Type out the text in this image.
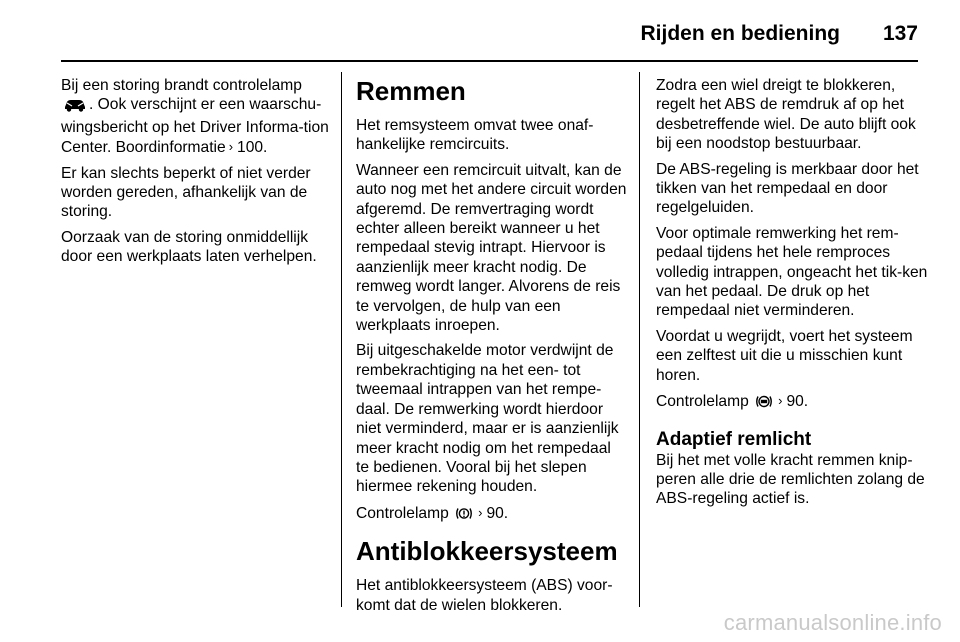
Rijden en bediening 137

Bij een storing brandt controlelamp . Ook verschijnt er een waarschu-wingsbericht op het Driver Informa-tion Center. Boordinformatie › 100.

Er kan slechts beperkt of niet verder worden gereden, afhankelijk van de storing.

Oorzaak van de storing onmiddellijk door een werkplaats laten verhelpen.

Remmen

Het remsysteem omvat twee onaf-hankelijke remcircuits.

Wanneer een remcircuit uitvalt, kan de auto nog met het andere circuit worden afgeremd. De remvertraging wordt echter alleen bereikt wanneer u het rempedaal stevig intrapt. Hiervoor is aanzienlijk meer kracht nodig. De remweg wordt langer. Alvorens de reis te vervolgen, de hulp van een werkplaats inroepen.

Bij uitgeschakelde motor verdwijnt de rembekrachtiging na het een- tot tweemaal intrappen van het rempe-daal. De remwerking wordt hierdoor niet verminderd, maar er is aanzienlijk meer kracht nodig om het rempedaal te bedienen. Vooral bij het slepen hiermee rekening houden.

Controlelamp › 90.

Antiblokkeersysteem

Het antiblokkeersysteem (ABS) voor-komt dat de wielen blokkeren.

Zodra een wiel dreigt te blokkeren, regelt het ABS de remdruk af op het desbetreffende wiel. De auto blijft ook bij een noodstop bestuurbaar.

De ABS-regeling is merkbaar door het tikken van het rempedaal en door regelgeluiden.

Voor optimale remwerking het rem-pedaal tijdens het hele remproces volledig intrappen, ongeacht het tik-ken van het pedaal. De druk op het rempedaal niet verminderen.

Voordat u wegrijdt, voert het systeem een zelftest uit die u misschien kunt horen.

Controlelamp › 90.

Adaptief remlicht

Bij het met volle kracht remmen knip-peren alle drie de remlichten zolang de ABS-regeling actief is.

carmanualsonline.info
